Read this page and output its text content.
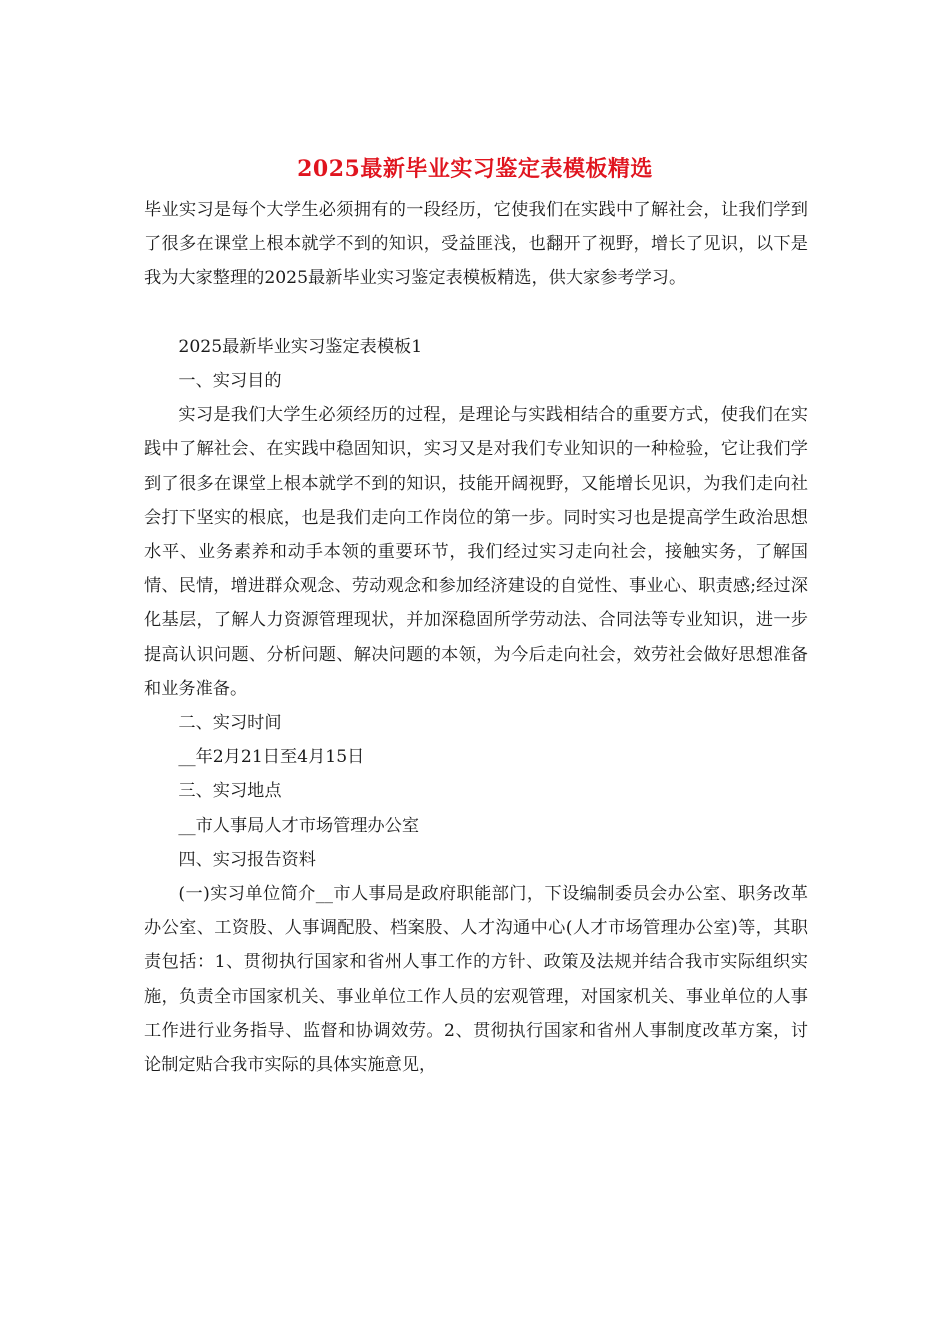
2025最新毕业实习鉴定表模板精选

毕业实习是每个大学生必须拥有的一段经历，它使我们在实践中了解社会，让我们学到了很多在课堂上根本就学不到的知识，受益匪浅，也翻开了视野，增长了见识，以下是我为大家整理的2025最新毕业实习鉴定表模板精选，供大家参考学习。

2025最新毕业实习鉴定表模板1

一、实习目的

实习是我们大学生必须经历的过程，是理论与实践相结合的重要方式，使我们在实践中了解社会、在实践中稳固知识，实习又是对我们专业知识的一种检验，它让我们学到了很多在课堂上根本就学不到的知识，技能开阔视野，又能增长见识，为我们走向社会打下坚实的根底，也是我们走向工作岗位的第一步。同时实习也是提高学生政治思想水平、业务素养和动手本领的重要环节，我们经过实习走向社会，接触实务，了解国情、民情，增进群众观念、劳动观念和参加经济建设的自觉性、事业心、职责感;经过深化基层，了解人力资源管理现状，并加深稳固所学劳动法、合同法等专业知识，进一步提高认识问题、分析问题、解决问题的本领，为今后走向社会，效劳社会做好思想准备和业务准备。

二、实习时间

__年2月21日至4月15日

三、实习地点

__市人事局人才市场管理办公室

四、实习报告资料

(一)实习单位简介__市人事局是政府职能部门，下设编制委员会办公室、职务改革办公室、工资股、人事调配股、档案股、人才沟通中心(人才市场管理办公室)等，其职责包括：1、贯彻执行国家和省州人事工作的方针、政策及法规并结合我市实际组织实施，负责全市国家机关、事业单位工作人员的宏观管理，对国家机关、事业单位的人事工作进行业务指导、监督和协调效劳。2、贯彻执行国家和省州人事制度改革方案，讨论制定贴合我市实际的具体实施意见，
